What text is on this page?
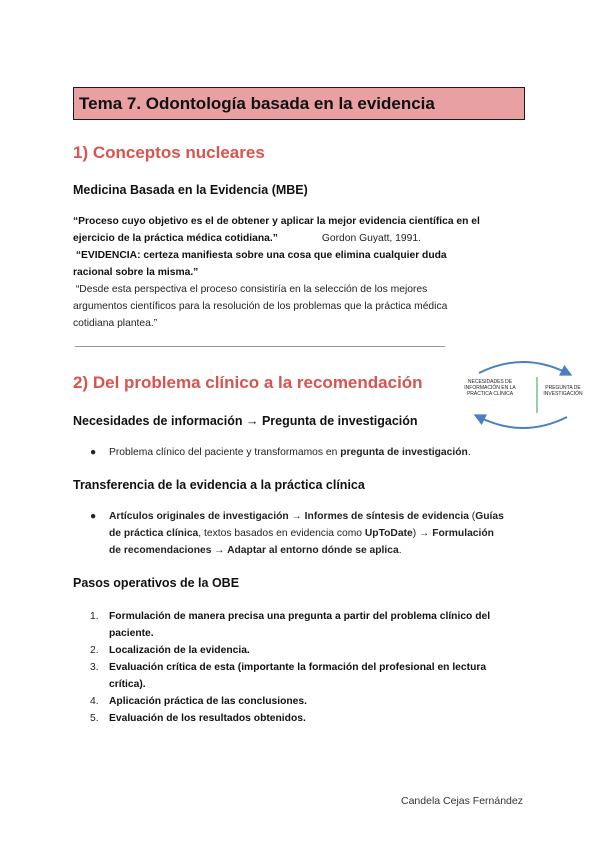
Tema 7. Odontología basada en la evidencia
1) Conceptos nucleares
Medicina Basada en la Evidencia (MBE)
“Proceso cuyo objetivo es el de obtener y aplicar la mejor evidencia científica en el
ejercicio de la práctica médica cotidiana.”	Gordon Guyatt, 1991.
“EVIDENCIA: certeza manifiesta sobre una cosa que elimina cualquier duda
racional sobre la misma.”
“Desde esta perspectiva el proceso consistiría en la selección de los mejores
argumentos científicos para la resolución de los problemas que la práctica médica
cotidiana plantea.”
2) Del problema clínico a la recomendación	NECESIDADES DE INFORMACIÓN EN LA PRÁCTICA CLÍNICA
PREGUNTA DE INVESTIGACIÓN
Necesidades de información → Pregunta de investigación
● Problema clínico del paciente y transformamos en pregunta de investigación.
Transferencia de la evidencia a la práctica clínica
● Artículos originales de investigación → Informes de síntesis de evidencia (Guías
de práctica clínica, textos basados en evidencia como UpToDate) → Formulación
de recomendaciones → Adaptar al entorno dónde se aplica.
Pasos operativos de la OBE
1. Formulación de manera precisa una pregunta a partir del problema clínico del
paciente.
2. Localización de la evidencia.
3. Evaluación crítica de esta (importante la formación del profesional en lectura
crítica).
4. Aplicación práctica de las conclusiones.
5. Evaluación de los resultados obtenidos.
Candela Cejas Fernández
